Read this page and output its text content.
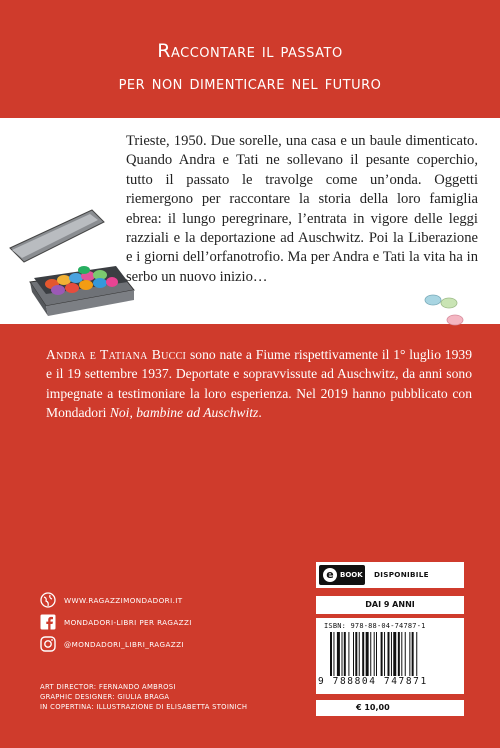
Raccontare il passato
per non dimenticare nel futuro

Trieste, 1950. Due sorelle, una casa e un baule dimenticato. Quando Andra e Tati ne sollevano il pesante coperchio, tutto il passato le travolge come un’onda. Oggetti riemergono per raccontare la storia della loro famiglia ebrea: il lungo peregrinare, l’entrata in vigore delle leggi razziali e la deportazione ad Auschwitz. Poi la Liberazione e i giorni dell’orfanotrofio. Ma per Andra e Tati la vita ha in serbo un nuovo inizio…

Andra e Tatiana Bucci sono nate a Fiume rispettivamente il 1° luglio 1939 e il 19 settembre 1937. Deportate e sopravvissute ad Auschwitz, da anni sono impegnate a testimoniare la loro esperienza. Nel 2019 hanno pubblicato con Mondadori Noi, bambine ad Auschwitz.
WWW.RAGAZZIMONDADORI.IT
MONDADORI-LIBRI PER RAGAZZI
@MONDADORI_LIBRI_RAGAZZI
ART DIRECTOR: FERNANDO AMBROSI
GRAPHIC DESIGNER: GIULIA BRAGA
IN COPERTINA: ILLUSTRAZIONE DI ELISABETTA STOINICH
e BOOK DISPONIBILE
DAI 9 ANNI
ISBN: 978-88-04-74787-1
9 788804 747871
€ 10,00
